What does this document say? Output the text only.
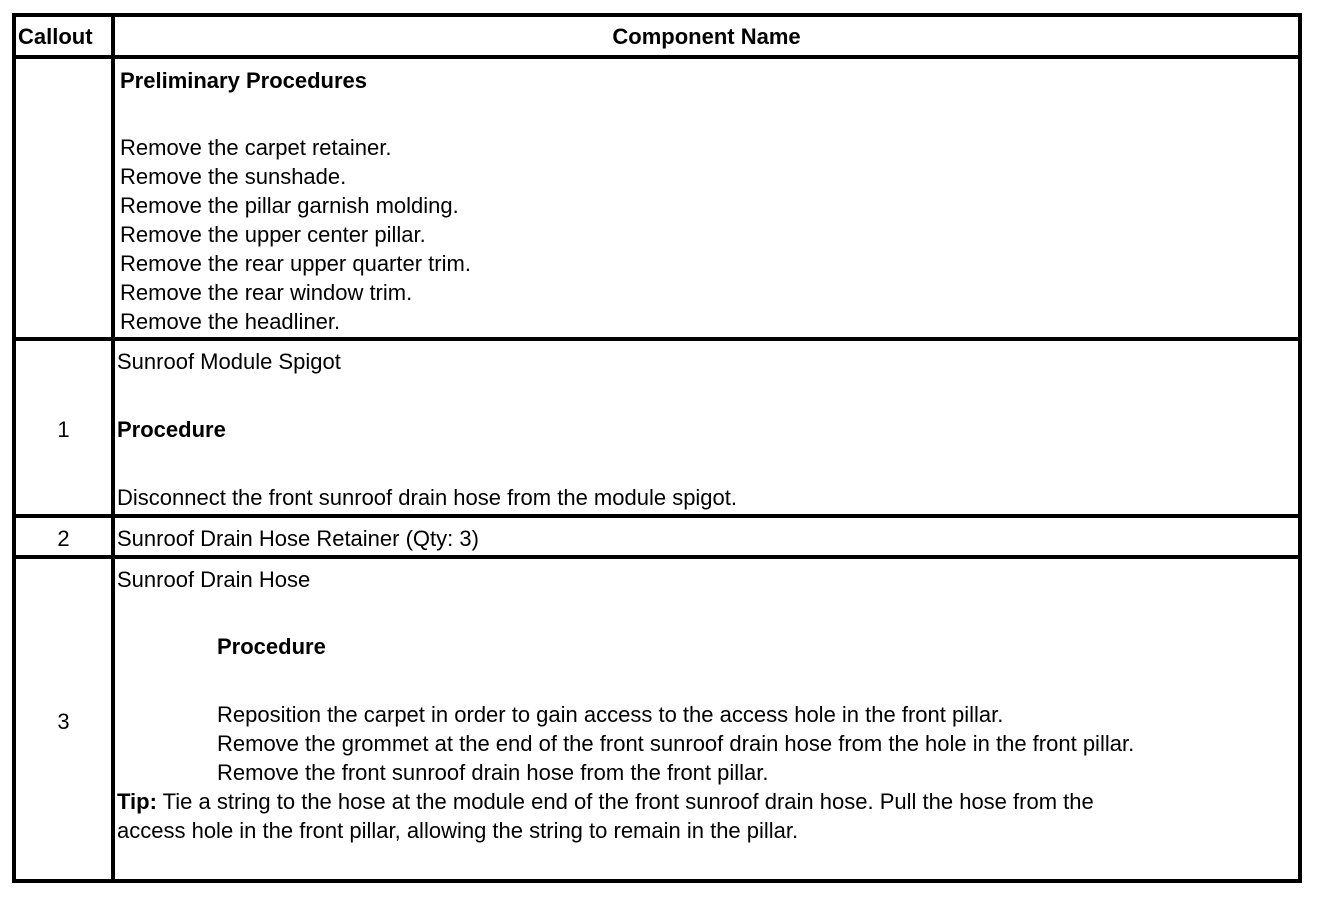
Callout	Component Name
Preliminary Procedures
Remove the carpet retainer.
Remove the sunshade.
Remove the pillar garnish molding.
Remove the upper center pillar.
Remove the rear upper quarter trim.
Remove the rear window trim.
Remove the headliner.
1
Sunroof Module Spigot
Procedure
Disconnect the front sunroof drain hose from the module spigot.
2	Sunroof Drain Hose Retainer (Qty: 3)
3
Sunroof Drain Hose
Procedure
Reposition the carpet in order to gain access to the access hole in the front pillar.
Remove the grommet at the end of the front sunroof drain hose from the hole in the front pillar.
Remove the front sunroof drain hose from the front pillar.
Tip: Tie a string to the hose at the module end of the front sunroof drain hose. Pull the hose from the
access hole in the front pillar, allowing the string to remain in the pillar.
